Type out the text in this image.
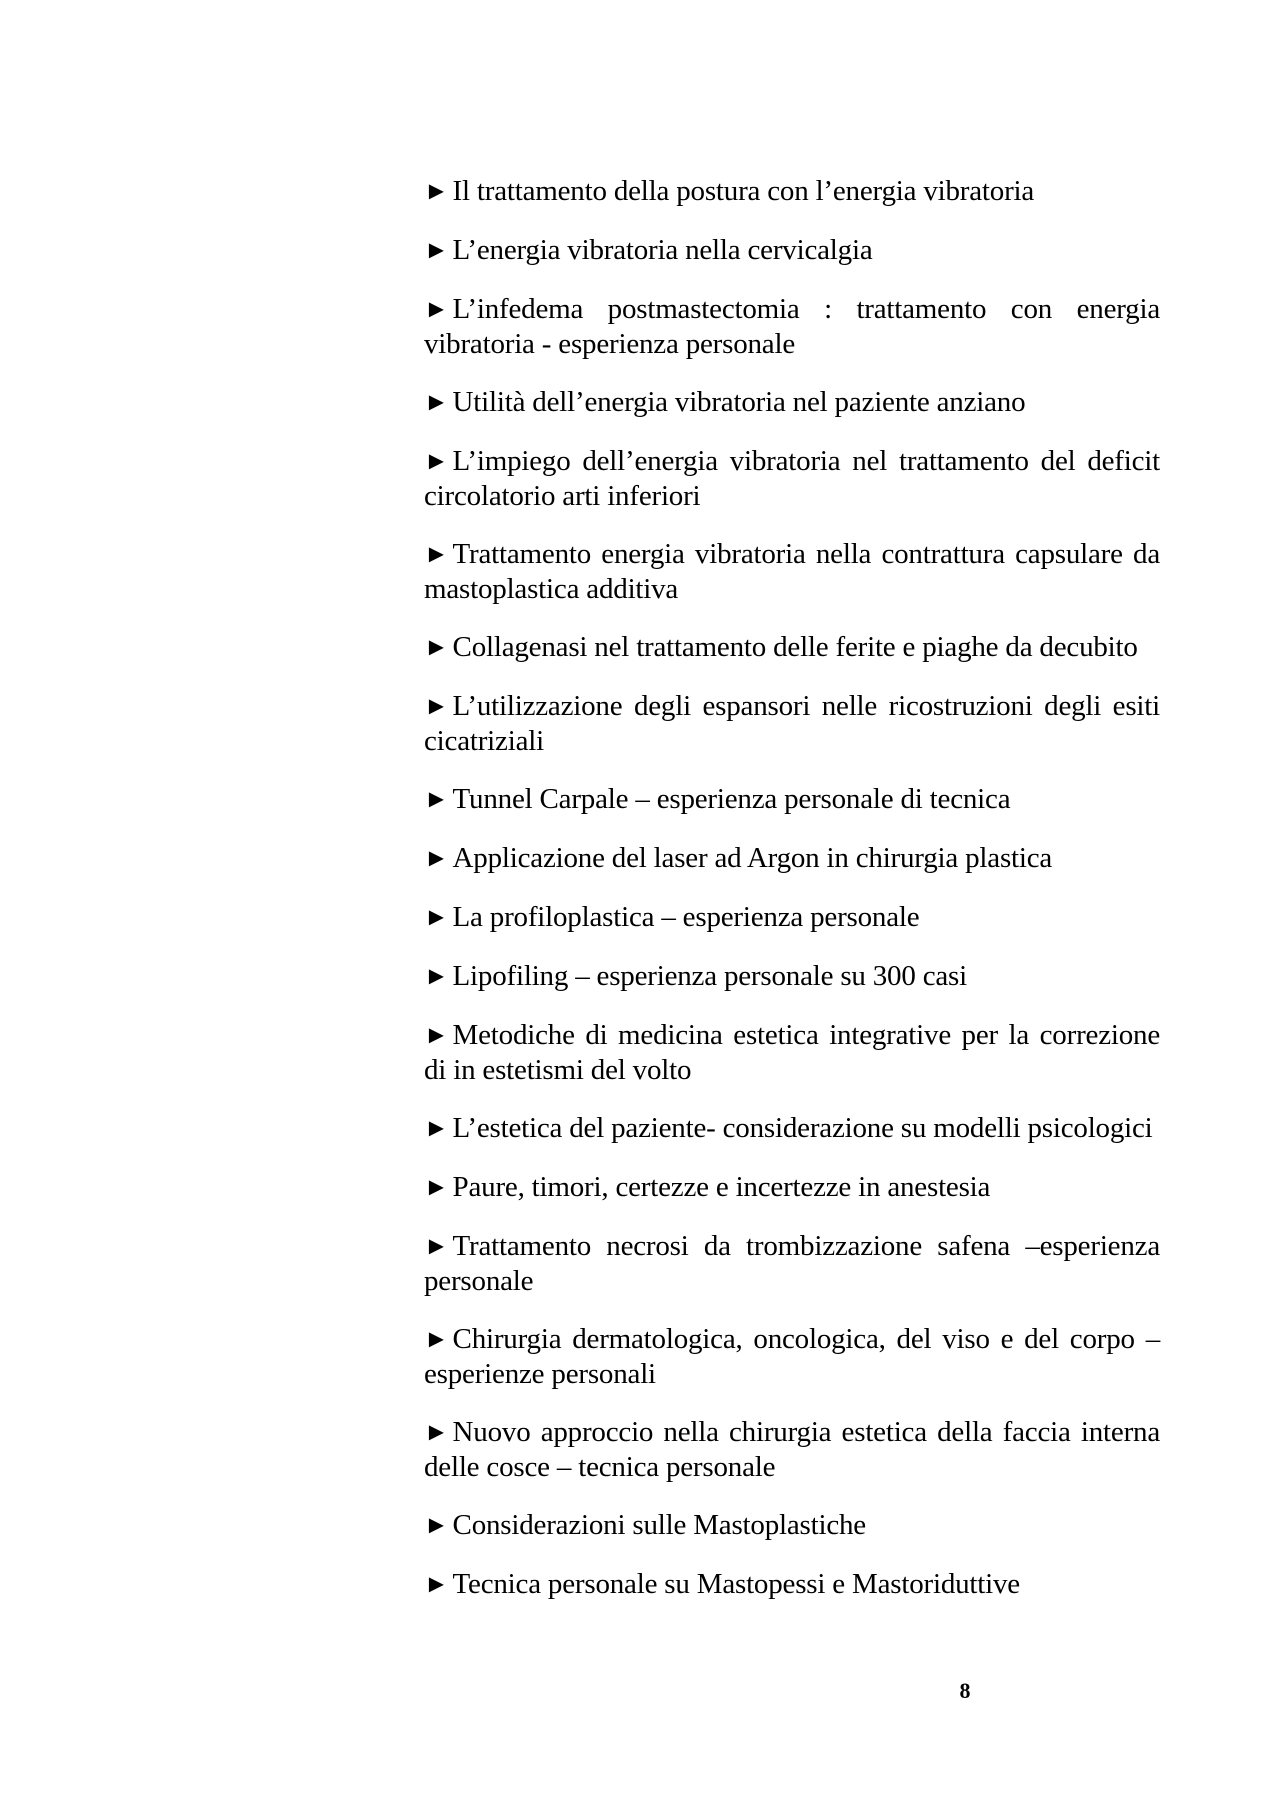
► Il trattamento della postura con l’energia vibratoria
► L’energia vibratoria nella cervicalgia
► L’infedema postmastectomia : trattamento con energia vibratoria - esperienza personale
► Utilità dell’energia vibratoria nel paziente anziano
► L’impiego dell’energia vibratoria nel trattamento del deficit circolatorio arti inferiori
► Trattamento energia vibratoria nella contrattura capsulare da mastoplastica additiva
► Collagenasi nel trattamento delle ferite e piaghe da decubito
► L’utilizzazione degli espansori nelle ricostruzioni degli esiti cicatriziali
► Tunnel Carpale – esperienza personale di tecnica
► Applicazione del laser ad Argon in chirurgia plastica
► La profiloplastica – esperienza personale
► Lipofiling – esperienza personale su 300 casi
► Metodiche di medicina estetica integrative per la correzione di in estetismi del volto
► L’estetica del paziente- considerazione su modelli psicologici
► Paure, timori, certezze e incertezze in anestesia
► Trattamento necrosi da trombizzazione safena –esperienza personale
► Chirurgia dermatologica, oncologica, del viso e del corpo – esperienze personali
► Nuovo approccio nella chirurgia estetica della faccia interna delle cosce – tecnica personale
► Considerazioni sulle Mastoplastiche
► Tecnica personale su Mastopessi e Mastoriduttive
8
